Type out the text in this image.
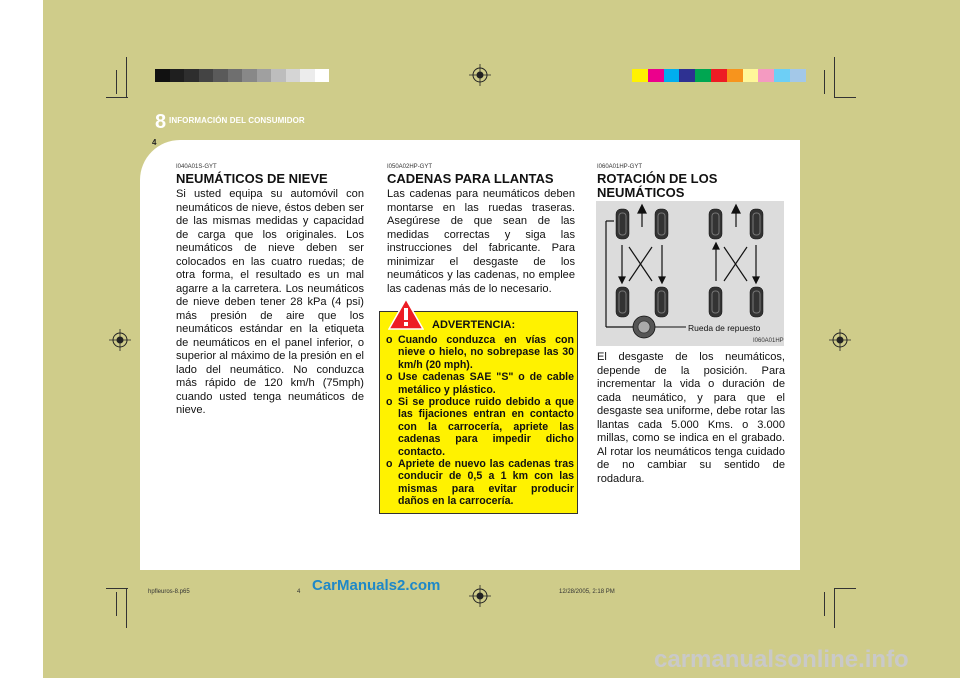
8 INFORMACIÓN DEL CONSUMIDOR
4
I040A01S-GYT
NEUMÁTICOS DE NIEVE

Si usted equipa su automóvil con neumáticos de nieve, éstos deben ser de las mismas medidas y capacidad de carga que los originales. Los neumáticos de nieve deben ser colocados en las cuatro ruedas; de otra forma, el resultado es un mal agarre a la carretera. Los neumáticos de nieve deben tener 28 kPa (4 psi) más presión de aire que los neumáticos estándar en la etiqueta de neumáticos en el panel inferior, o superior al máximo de la presión en el lado del neumático. No conduzca más rápido de 120 km/h (75mph) cuando usted tenga neumáticos de nieve.

I050A02HP-GYT
CADENAS PARA LLANTAS

Las cadenas para neumáticos deben montarse en las ruedas traseras. Asegúrese de que sean de las medidas correctas y siga las instrucciones del fabricante. Para minimizar el desgaste de los neumáticos y las cadenas, no emplee las cadenas más de lo necesario.

ADVERTENCIA:
o Cuando conduzca en vías con nieve o hielo, no sobrepase las 30 km/h (20 mph).
o Use cadenas SAE "S" o de cable metálico y plástico.
o Si se produce ruido debido a que las fijaciones entran en contacto con la carrocería, apriete las cadenas para impedir dicho contacto.
o Apriete de nuevo las cadenas tras conducir de 0,5 a 1 km con las mismas para evitar producir daños en la carrocería.
I060A01HP-GYT
ROTACIÓN DE LOS
NEUMÁTICOS
Rueda de repuesto
I060A01HP

El desgaste de los neumáticos, depende de la posición. Para incrementar la vida o duración de cada neumático, y para que el desgaste sea uniforme, debe rotar las llantas cada 5.000 Kms. o 3.000 millas, como se indica en el grabado. Al rotar los neumáticos tenga cuidado de no cambiar su sentido de rodadura.

hpfleuros-8.p65	4	12/28/2005, 2:18 PM
CarManuals2.com
carmanualsonline.info
